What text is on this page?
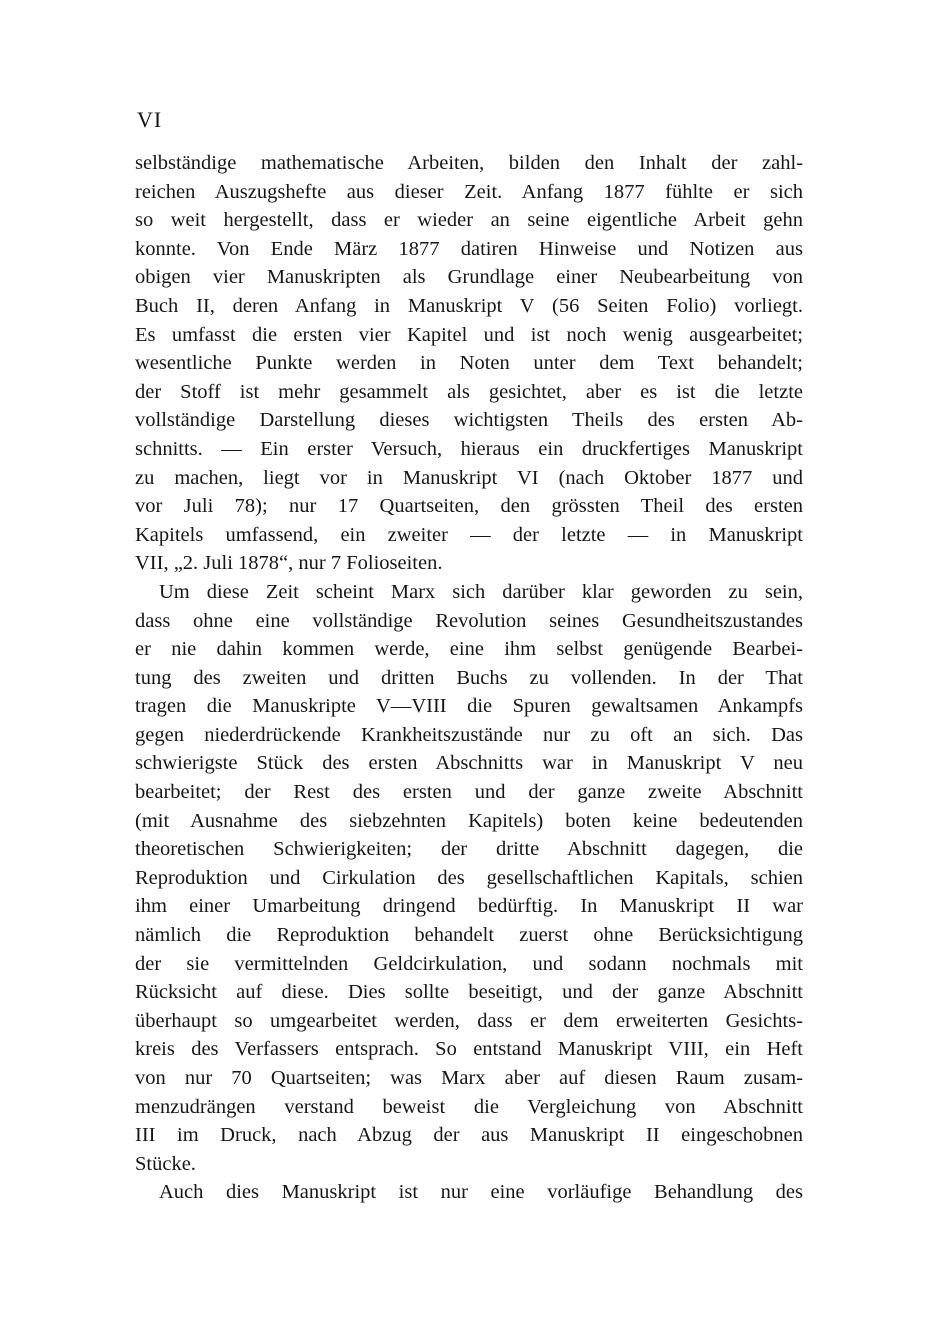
VI
selbständige mathematische Arbeiten, bilden den Inhalt der zahl-
reichen Auszugshefte aus dieser Zeit. Anfang 1877 fühlte er sich
so weit hergestellt, dass er wieder an seine eigentliche Arbeit gehn
konnte. Von Ende März 1877 datiren Hinweise und Notizen aus
obigen vier Manuskripten als Grundlage einer Neubearbeitung von
Buch II, deren Anfang in Manuskript V (56 Seiten Folio) vorliegt.
Es umfasst die ersten vier Kapitel und ist noch wenig ausgearbeitet;
wesentliche Punkte werden in Noten unter dem Text behandelt;
der Stoff ist mehr gesammelt als gesichtet, aber es ist die letzte
vollständige Darstellung dieses wichtigsten Theils des ersten Ab-
schnitts. — Ein erster Versuch, hieraus ein druckfertiges Manuskript
zu machen, liegt vor in Manuskript VI (nach Oktober 1877 und
vor Juli 78); nur 17 Quartseiten, den grössten Theil des ersten
Kapitels umfassend, ein zweiter — der letzte — in Manuskript
VII, „2. Juli 1878“, nur 7 Folioseiten.
Um diese Zeit scheint Marx sich darüber klar geworden zu sein,
dass ohne eine vollständige Revolution seines Gesundheitszustandes
er nie dahin kommen werde, eine ihm selbst genügende Bearbei-
tung des zweiten und dritten Buchs zu vollenden. In der That
tragen die Manuskripte V—VIII die Spuren gewaltsamen Ankampfs
gegen niederdrückende Krankheitszustände nur zu oft an sich. Das
schwierigste Stück des ersten Abschnitts war in Manuskript V neu
bearbeitet; der Rest des ersten und der ganze zweite Abschnitt
(mit Ausnahme des siebzehnten Kapitels) boten keine bedeutenden
theoretischen Schwierigkeiten; der dritte Abschnitt dagegen, die
Reproduktion und Cirkulation des gesellschaftlichen Kapitals, schien
ihm einer Umarbeitung dringend bedürftig. In Manuskript II war
nämlich die Reproduktion behandelt zuerst ohne Berücksichtigung
der sie vermittelnden Geldcirkulation, und sodann nochmals mit
Rücksicht auf diese. Dies sollte beseitigt, und der ganze Abschnitt
überhaupt so umgearbeitet werden, dass er dem erweiterten Gesichts-
kreis des Verfassers entsprach. So entstand Manuskript VIII, ein Heft
von nur 70 Quartseiten; was Marx aber auf diesen Raum zusam-
menzudrängen verstand beweist die Vergleichung von Abschnitt
III im Druck, nach Abzug der aus Manuskript II eingeschobnen
Stücke.
Auch dies Manuskript ist nur eine vorläufige Behandlung des
